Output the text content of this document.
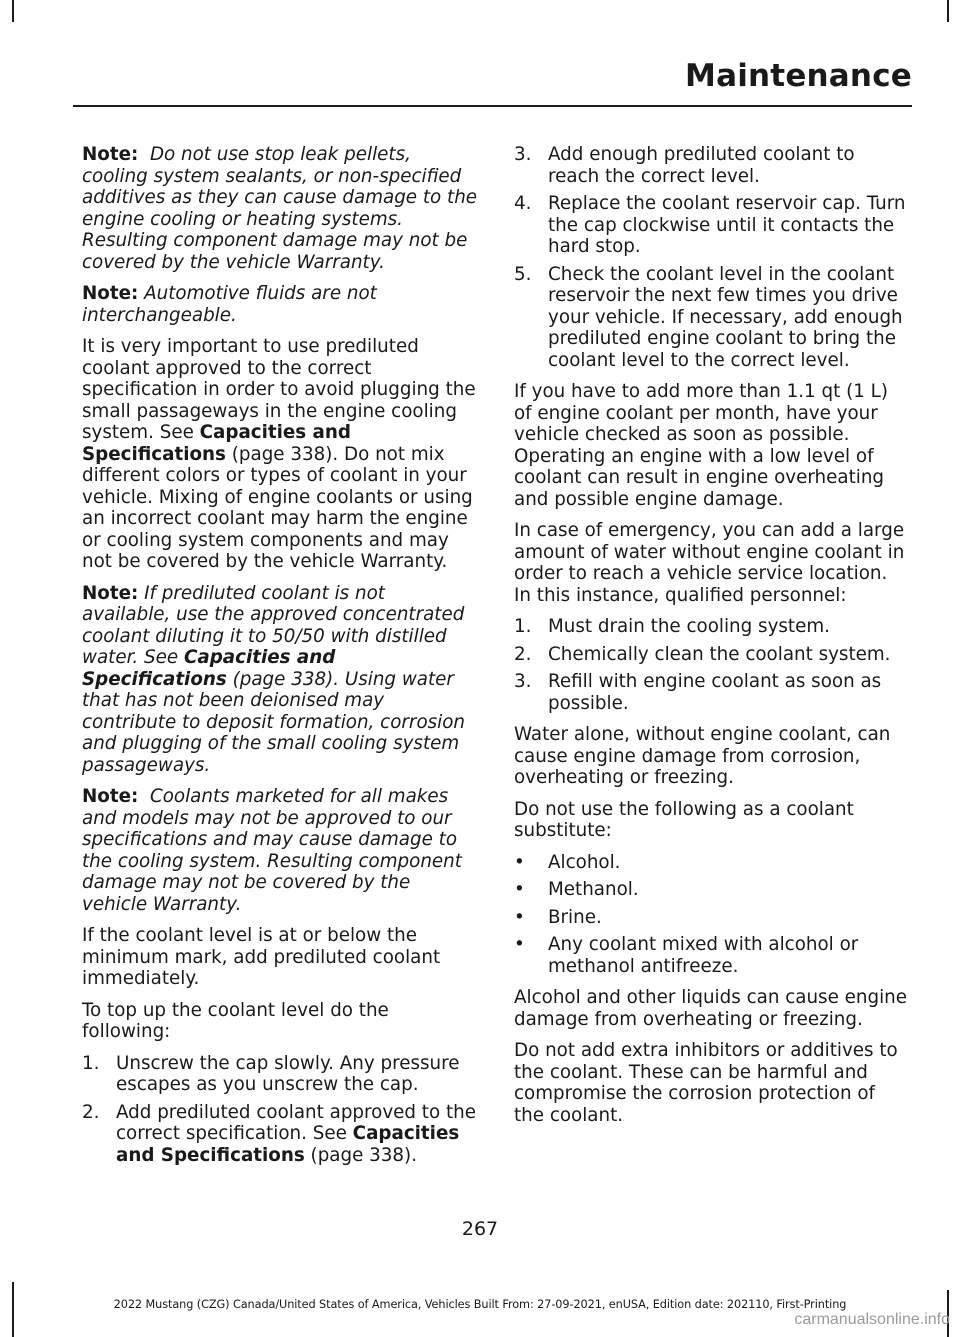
Maintenance

Note: Do not use stop leak pellets, cooling system sealants, or non-specified additives as they can cause damage to the engine cooling or heating systems. Resulting component damage may not be covered by the vehicle Warranty.

Note: Automotive fluids are not interchangeable.

It is very important to use prediluted coolant approved to the correct specification in order to avoid plugging the small passageways in the engine cooling system. See Capacities and Specifications (page 338). Do not mix different colors or types of coolant in your vehicle. Mixing of engine coolants or using an incorrect coolant may harm the engine or cooling system components and may not be covered by the vehicle Warranty.

Note: If prediluted coolant is not available, use the approved concentrated coolant diluting it to 50/50 with distilled water. See Capacities and Specifications (page 338). Using water that has not been deionised may contribute to deposit formation, corrosion and plugging of the small cooling system passageways.

Note: Coolants marketed for all makes and models may not be approved to our specifications and may cause damage to the cooling system. Resulting component damage may not be covered by the vehicle Warranty.

If the coolant level is at or below the minimum mark, add prediluted coolant immediately.

To top up the coolant level do the following:

1. Unscrew the cap slowly. Any pressure escapes as you unscrew the cap.
2. Add prediluted coolant approved to the correct specification. See Capacities and Specifications (page 338).
3. Add enough prediluted coolant to reach the correct level.
4. Replace the coolant reservoir cap. Turn the cap clockwise until it contacts the hard stop.
5. Check the coolant level in the coolant reservoir the next few times you drive your vehicle. If necessary, add enough prediluted engine coolant to bring the coolant level to the correct level.

If you have to add more than 1.1 qt (1 L) of engine coolant per month, have your vehicle checked as soon as possible. Operating an engine with a low level of coolant can result in engine overheating and possible engine damage.

In case of emergency, you can add a large amount of water without engine coolant in order to reach a vehicle service location. In this instance, qualified personnel:

1. Must drain the cooling system.
2. Chemically clean the coolant system.
3. Refill with engine coolant as soon as possible.

Water alone, without engine coolant, can cause engine damage from corrosion, overheating or freezing.

Do not use the following as a coolant substitute:

• Alcohol.
• Methanol.
• Brine.
• Any coolant mixed with alcohol or methanol antifreeze.

Alcohol and other liquids can cause engine damage from overheating or freezing.

Do not add extra inhibitors or additives to the coolant. These can be harmful and compromise the corrosion protection of the coolant.

267
2022 Mustang (CZG) Canada/United States of America, Vehicles Built From: 27-09-2021, enUSA, Edition date: 202110, First-Printing
carmanualsonline.info
